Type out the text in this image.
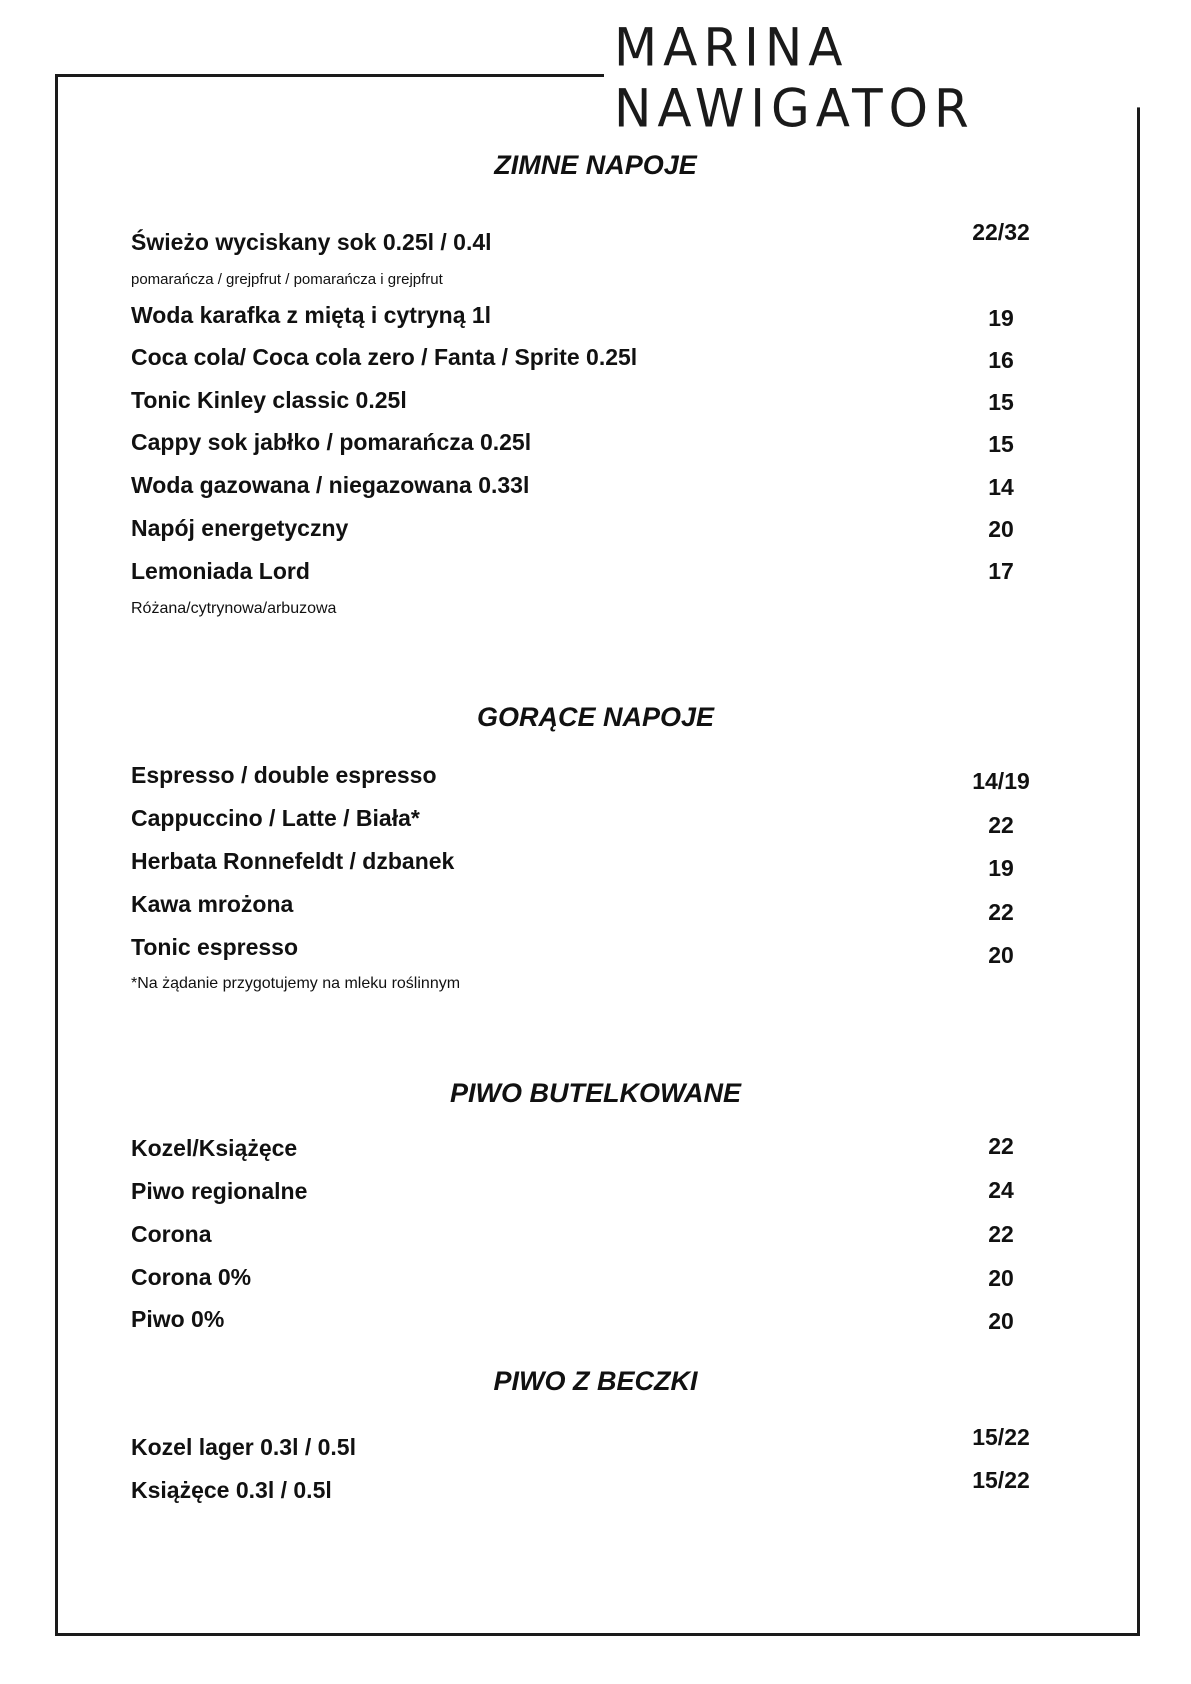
MARINA NAWIGATOR
ZIMNE NAPOJE
Świeżo wyciskany sok 0.25l / 0.4l	22/32
pomarańcza / grejpfrut / pomarańcza i grejpfrut
Woda karafka z miętą i cytryną 1l	19
Coca cola/ Coca cola zero / Fanta / Sprite 0.25l	16
Tonic Kinley classic 0.25l	15
Cappy sok jabłko / pomarańcza 0.25l	15
Woda gazowana / niegazowana 0.33l	14
Napój energetyczny	20
Lemoniada Lord	17
Różana/cytrynowa/arbuzowa
GORĄCE NAPOJE
Espresso / double espresso	14/19
Cappuccino / Latte / Biała*	22
Herbata Ronnefeldt / dzbanek	19
Kawa mrożona	22
Tonic espresso	20
*Na żądanie przygotujemy na mleku roślinnym
PIWO BUTELKOWANE
Kozel/Książęce	22
Piwo regionalne	24
Corona	22
Corona 0%	20
Piwo 0%	20
PIWO Z BECZKI
Kozel lager 0.3l / 0.5l	15/22
Książęce 0.3l / 0.5l	15/22
